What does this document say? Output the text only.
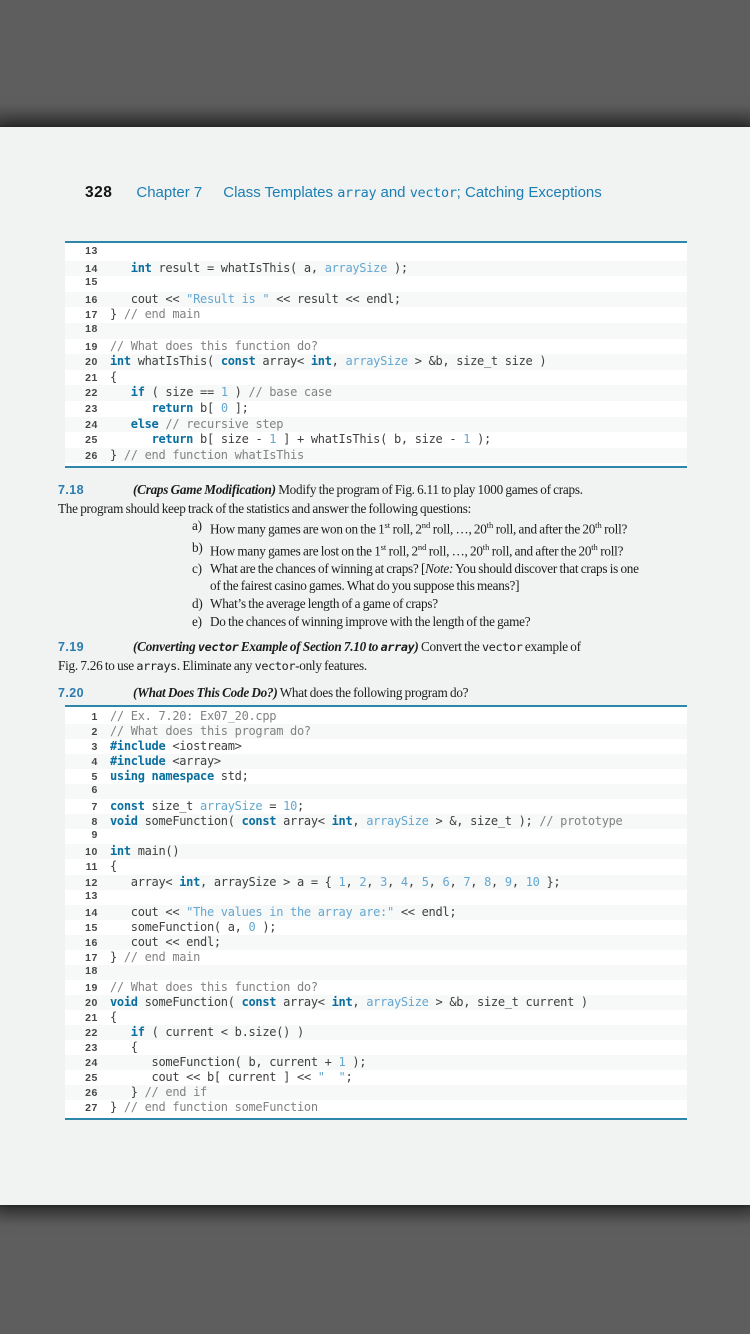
328 Chapter 7 Class Templates array and vector; Catching Exceptions
13
14	int result = whatIsThis( a, arraySize );
15
16	cout << "Result is " << result << endl;
17	} // end main
18
19	// What does this function do?
20	int whatIsThis( const array< int, arraySize > &b, size_t size )
21	{
22	if ( size == 1 ) // base case
23	return b[ 0 ];
24	else // recursive step
25	return b[ size - 1 ] + whatIsThis( b, size - 1 );
26	} // end function whatIsThis
7.18	(Craps Game Modification) Modify the program of Fig. 6.11 to play 1000 games of craps.
The program should keep track of the statistics and answer the following questions:
a) How many games are won on the 1st roll, 2nd roll, …, 20th roll, and after the 20th roll?
b) How many games are lost on the 1st roll, 2nd roll, …, 20th roll, and after the 20th roll?
c) What are the chances of winning at craps? [Note: You should discover that craps is one
of the fairest casino games. What do you suppose this means?]
d) What’s the average length of a game of craps?
e) Do the chances of winning improve with the length of the game?
7.19	(Converting vector Example of Section 7.10 to array) Convert the vector example of
Fig. 7.26 to use arrays. Eliminate any vector-only features.
7.20	(What Does This Code Do?) What does the following program do?
1	// Ex. 7.20: Ex07_20.cpp
2	// What does this program do?
3	#include <iostream>
4	#include <array>
5	using namespace std;
6
7	const size_t arraySize = 10;
8	void someFunction( const array< int, arraySize > &, size_t ); // prototype
9
10	int main()
11	{
12	array< int, arraySize > a = { 1, 2, 3, 4, 5, 6, 7, 8, 9, 10 };
13
14	cout << "The values in the array are:" << endl;
15	someFunction( a, 0 );
16	cout << endl;
17	} // end main
18
19	// What does this function do?
20	void someFunction( const array< int, arraySize > &b, size_t current )
21	{
22	if ( current < b.size() )
23	{
24	someFunction( b, current + 1 );
25	cout << b[ current ] << "  ";
26	} // end if
27	} // end function someFunction
